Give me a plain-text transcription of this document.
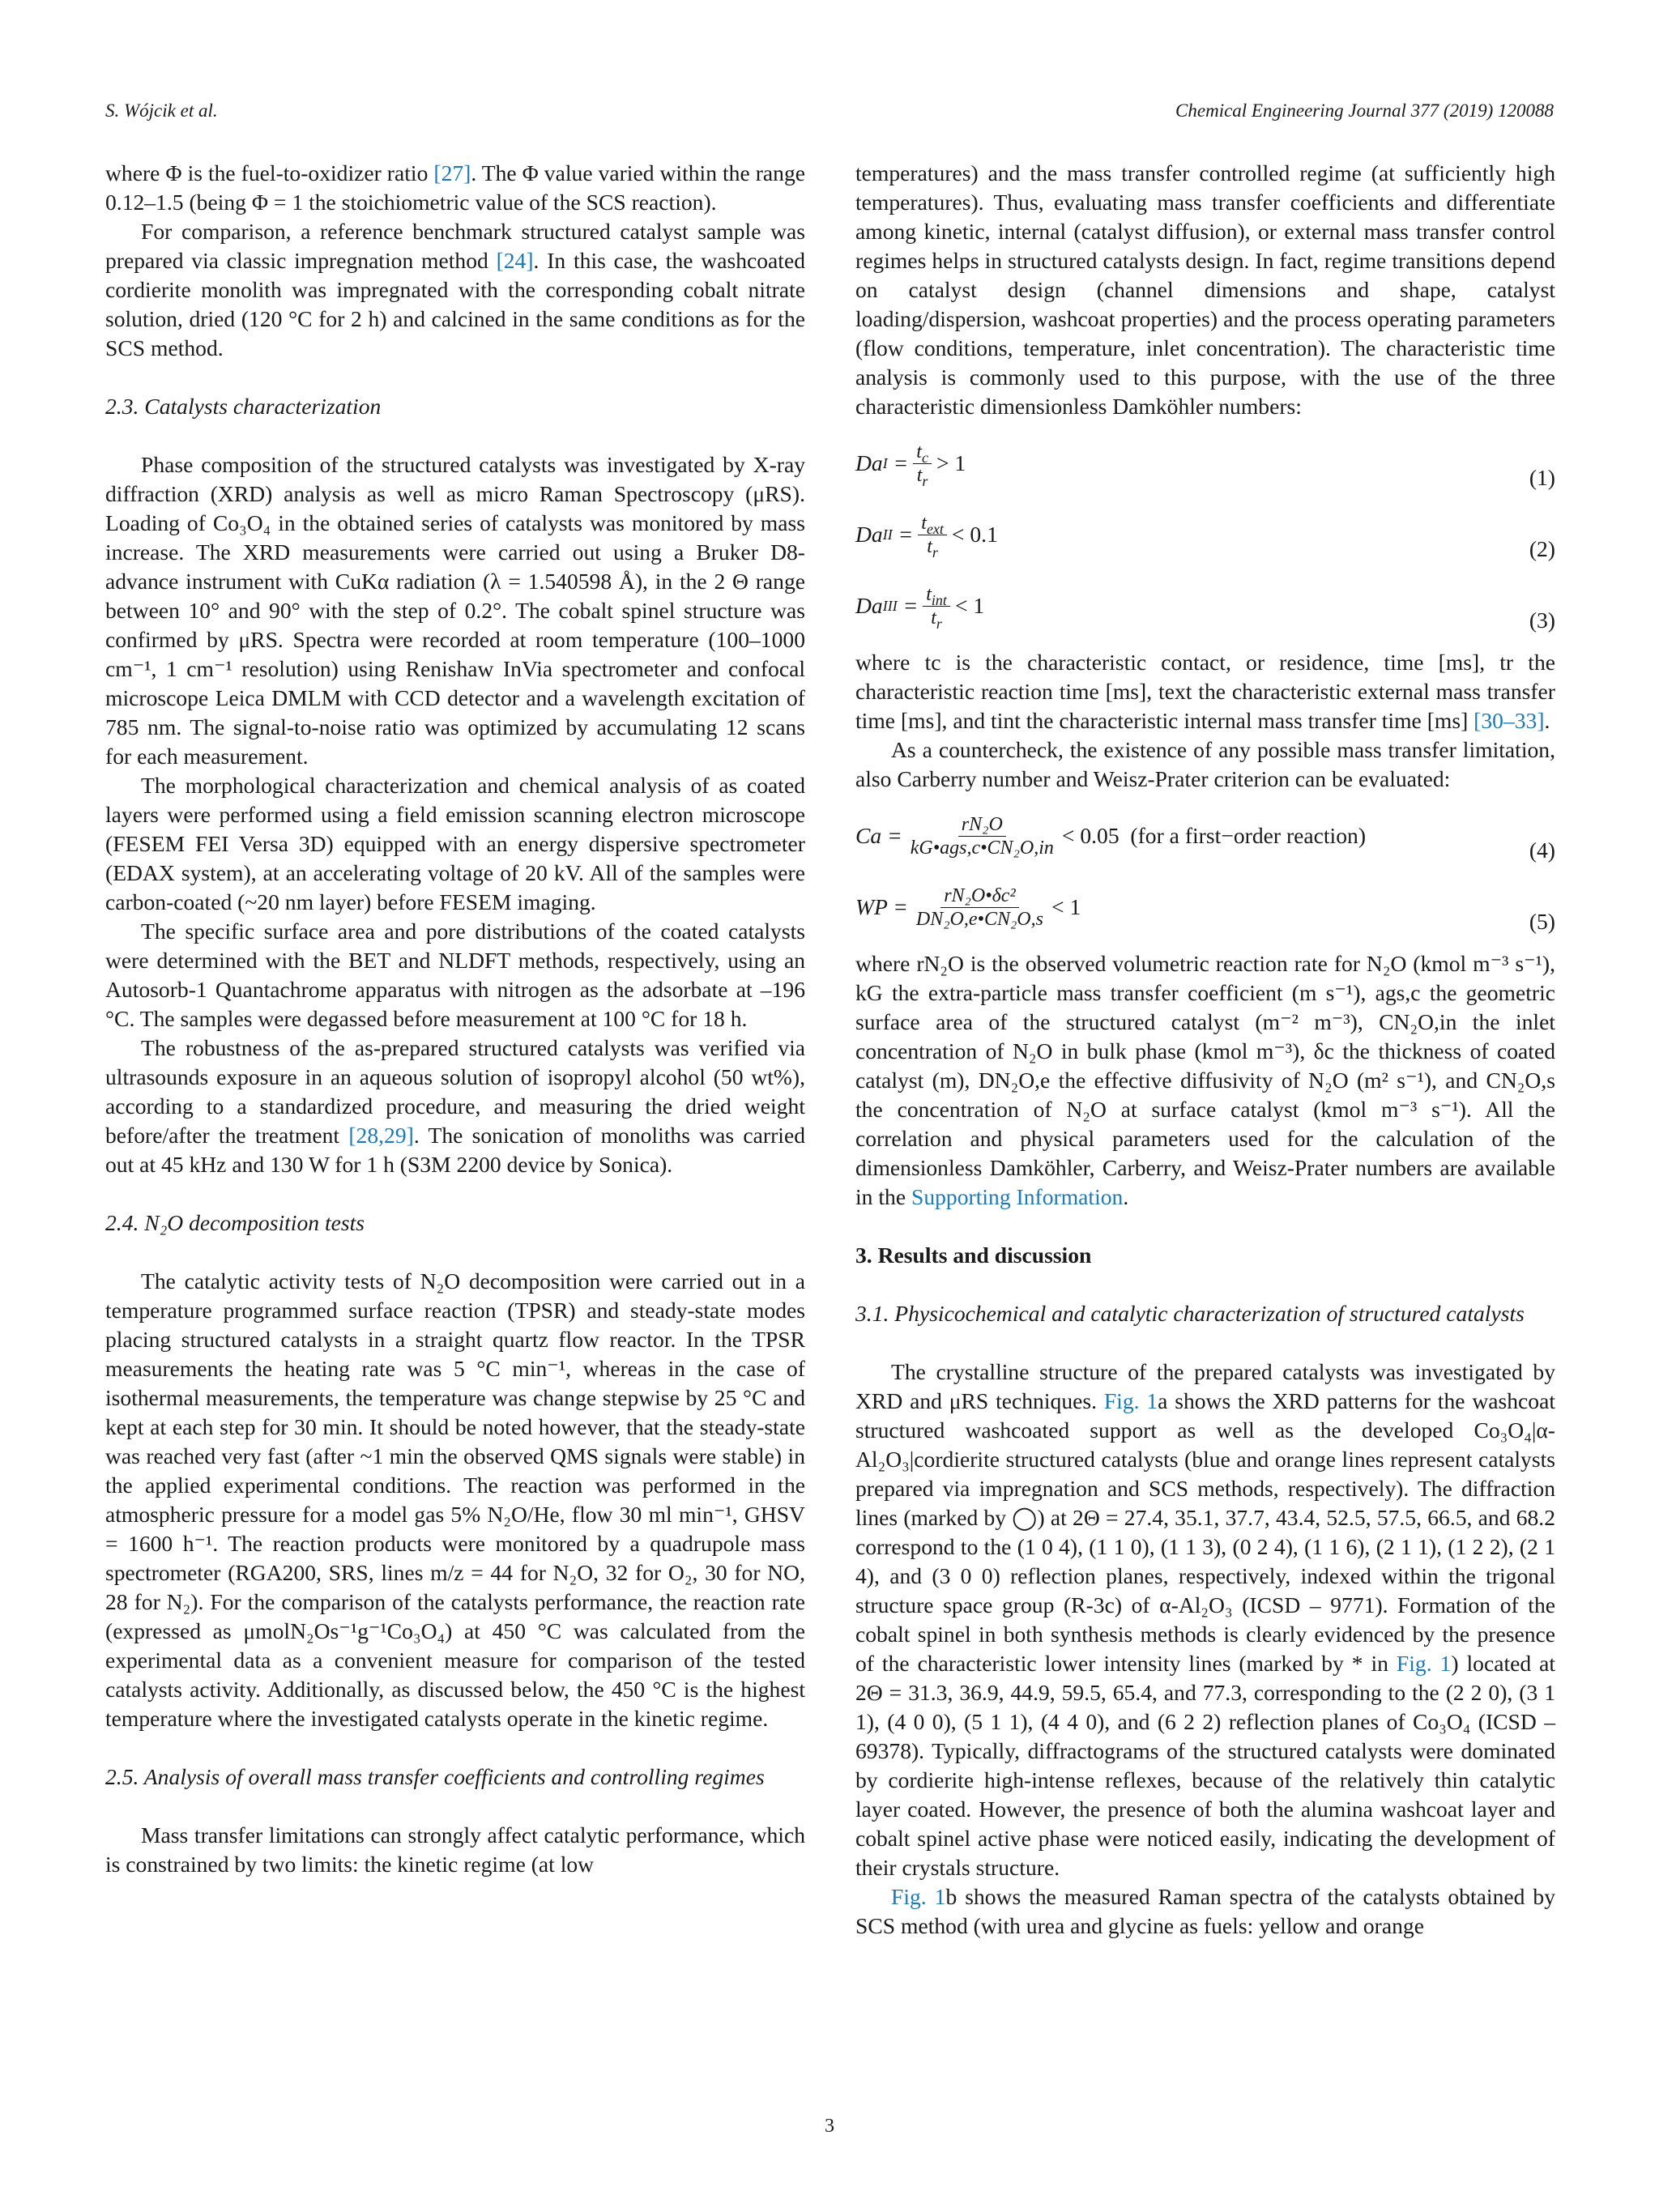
S. Wójcik et al.	Chemical Engineering Journal 377 (2019) 120088

where Φ is the fuel-to-oxidizer ratio [27]. The Φ value varied within the range 0.12–1.5 (being Φ = 1 the stoichiometric value of the SCS reaction).

For comparison, a reference benchmark structured catalyst sample was prepared via classic impregnation method [24]. In this case, the washcoated cordierite monolith was impregnated with the corresponding cobalt nitrate solution, dried (120 °C for 2 h) and calcined in the same conditions as for the SCS method.

2.3. Catalysts characterization

Phase composition of the structured catalysts was investigated by X-ray diffraction (XRD) analysis as well as micro Raman Spectroscopy (μRS). Loading of Co₃O₄ in the obtained series of catalysts was monitored by mass increase. The XRD measurements were carried out using a Bruker D8-advance instrument with CuKα radiation (λ = 1.540598 Å), in the 2 Θ range between 10° and 90° with the step of 0.2°. The cobalt spinel structure was confirmed by μRS. Spectra were recorded at room temperature (100–1000 cm⁻¹, 1 cm⁻¹ resolution) using Renishaw InVia spectrometer and confocal microscope Leica DMLM with CCD detector and a wavelength excitation of 785 nm. The signal-to-noise ratio was optimized by accumulating 12 scans for each measurement.

The morphological characterization and chemical analysis of as coated layers were performed using a field emission scanning electron microscope (FESEM FEI Versa 3D) equipped with an energy dispersive spectrometer (EDAX system), at an accelerating voltage of 20 kV. All of the samples were carbon-coated (~20 nm layer) before FESEM imaging.

The specific surface area and pore distributions of the coated catalysts were determined with the BET and NLDFT methods, respectively, using an Autosorb-1 Quantachrome apparatus with nitrogen as the adsorbate at –196 °C. The samples were degassed before measurement at 100 °C for 18 h.

The robustness of the as-prepared structured catalysts was verified via ultrasounds exposure in an aqueous solution of isopropyl alcohol (50 wt%), according to a standardized procedure, and measuring the dried weight before/after the treatment [28,29]. The sonication of monoliths was carried out at 45 kHz and 130 W for 1 h (S3M 2200 device by Sonica).

2.4. N₂O decomposition tests

The catalytic activity tests of N₂O decomposition were carried out in a temperature programmed surface reaction (TPSR) and steady-state modes placing structured catalysts in a straight quartz flow reactor. In the TPSR measurements the heating rate was 5 °C min⁻¹, whereas in the case of isothermal measurements, the temperature was change stepwise by 25 °C and kept at each step for 30 min. It should be noted however, that the steady-state was reached very fast (after ~1 min the observed QMS signals were stable) in the applied experimental conditions. The reaction was performed in the atmospheric pressure for a model gas 5% N₂O/He, flow 30 ml min⁻¹, GHSV = 1600 h⁻¹. The reaction products were monitored by a quadrupole mass spectrometer (RGA200, SRS, lines m/z = 44 for N₂O, 32 for O₂, 30 for NO, 28 for N₂). For the comparison of the catalysts performance, the reaction rate (expressed as μmolN₂Os⁻¹g⁻¹Co₃O₄) at 450 °C was calculated from the experimental data as a convenient measure for comparison of the tested catalysts activity. Additionally, as discussed below, the 450 °C is the highest temperature where the investigated catalysts operate in the kinetic regime.

2.5. Analysis of overall mass transfer coefficients and controlling regimes

Mass transfer limitations can strongly affect catalytic performance, which is constrained by two limits: the kinetic regime (at low

temperatures) and the mass transfer controlled regime (at sufficiently high temperatures). Thus, evaluating mass transfer coefficients and differentiate among kinetic, internal (catalyst diffusion), or external mass transfer control regimes helps in structured catalysts design. In fact, regime transitions depend on catalyst design (channel dimensions and shape, catalyst loading/dispersion, washcoat properties) and the process operating parameters (flow conditions, temperature, inlet concentration). The characteristic time analysis is commonly used to this purpose, with the use of the three characteristic dimensionless Damköhler numbers:

Da $I = \frac{t_c}{t_r} > 1$
(1)
Da II = $\frac{t_{ext}}{t_r} < 0.1$
(2)
Da III = $\frac{t_{int}}{t_r} < 1$
(3)

where tc is the characteristic contact, or residence, time [ms], tr the characteristic reaction time [ms], text the characteristic external mass transfer time [ms], and tint the characteristic internal mass transfer time [ms] [30–33].

As a countercheck, the existence of any possible mass transfer limitation, also Carberry number and Weisz-Prater criterion can be evaluated:

$Ca = \frac{\text{rN₂O}}{\text{kG•ags,c•CN₂O,in}} < 0.05$
(for a first−order reaction)
(4)
WP = $\frac{\text{rN₂O•δc²}}{\text{DN₂O,e•CN₂O,s}} < 1$
(5)

where rN₂O is the observed volumetric reaction rate for N₂O (kmol m⁻³ s⁻¹), kG the extra-particle mass transfer coefficient (m s⁻¹), ags,c the geometric surface area of the structured catalyst (m⁻² m⁻³), CN₂O,in the inlet concentration of N₂O in bulk phase (kmol m⁻³), δc the thickness of coated catalyst (m), DN₂O,e the effective diffusivity of N₂O (m² s⁻¹), and CN₂O,s the concentration of N₂O at surface catalyst (kmol m⁻³ s⁻¹). All the correlation and physical parameters used for the calculation of the dimensionless Damköhler, Carberry, and Weisz-Prater numbers are available in the Supporting Information.

3. Results and discussion
3.1. Physicochemical and catalytic characterization of structured catalysts

The crystalline structure of the prepared catalysts was investigated by XRD and μRS techniques. Fig. 1a shows the XRD patterns for the washcoat structured washcoated support as well as the developed Co₃O₄|α-Al₂O₃|cordierite structured catalysts (blue and orange lines represent catalysts prepared via impregnation and SCS methods, respectively). The diffraction lines (marked by ◯) at 2Θ = 27.4, 35.1, 37.7, 43.4, 52.5, 57.5, 66.5, and 68.2 correspond to the (1 0 4), (1 1 0), (1 1 3), (0 2 4), (1 1 6), (2 1 1), (1 2 2), (2 1 4), and (3 0 0) reflection planes, respectively, indexed within the trigonal structure space group (R-3c) of α-Al₂O₃ (ICSD – 9771). Formation of the cobalt spinel in both synthesis methods is clearly evidenced by the presence of the characteristic lower intensity lines (marked by * in Fig. 1) located at 2Θ = 31.3, 36.9, 44.9, 59.5, 65.4, and 77.3, corresponding to the (2 2 0), (3 1 1), (4 0 0), (5 1 1), (4 4 0), and (6 2 2) reflection planes of Co₃O₄ (ICSD – 69378). Typically, diffractograms of the structured catalysts were dominated by cordierite high-intense reflexes, because of the relatively thin catalytic layer coated. However, the presence of both the alumina washcoat layer and cobalt spinel active phase were noticed easily, indicating the development of their crystals structure.

Fig. 1b shows the measured Raman spectra of the catalysts obtained by SCS method (with urea and glycine as fuels: yellow and orange

3
